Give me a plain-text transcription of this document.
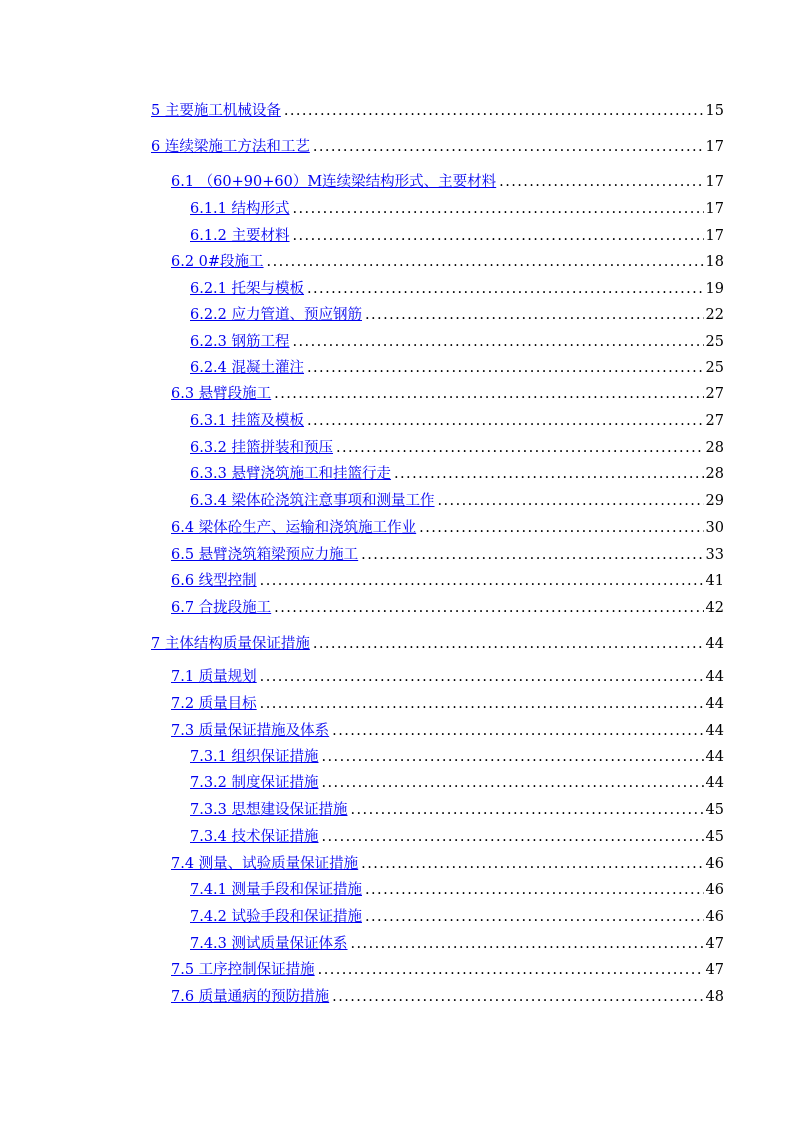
5 主要施工机械设备 . . .	15
6 连续梁施工方法和工艺 . . .	17
6.1 （60+90+60）M连续梁结构形式、主要材料 . . .	17
6.1.1 结构形式 . . .	17
6.1.2 主要材料 . . .	17
6.2 0#段施工 . . .	18
6.2.1 托架与模板 . . .	19
6.2.2 应力管道、预应钢筋 . . .	22
6.2.3 钢筋工程 . . .	25
6.2.4 混凝土灌注 . . .	25
6.3 悬臂段施工 . . .	27
6.3.1 挂篮及模板 . . .	27
6.3.2 挂篮拼装和预压 . . .	28
6.3.3 悬臂浇筑施工和挂篮行走 . . .	28
6.3.4 梁体砼浇筑注意事项和测量工作 . . .	29
6.4 梁体砼生产、运输和浇筑施工作业 . . .	30
6.5 悬臂浇筑箱梁预应力施工 . . .	33
6.6 线型控制 . . .	41
6.7 合拢段施工 . . .	42
7 主体结构质量保证措施 . . .	44
7.1 质量规划 . . .	44
7.2 质量目标 . . .	44
7.3 质量保证措施及体系 . . .	44
7.3.1 组织保证措施 . . .	44
7.3.2 制度保证措施 . . .	44
7.3.3 思想建设保证措施 . . .	45
7.3.4 技术保证措施 . . .	45
7.4 测量、试验质量保证措施 . . .	46
7.4.1 测量手段和保证措施 . . .	46
7.4.2 试验手段和保证措施 . . .	46
7.4.3 测试质量保证体系 . . .	47
7.5 工序控制保证措施 . . .	47
7.6 质量通病的预防措施 . . .	48
